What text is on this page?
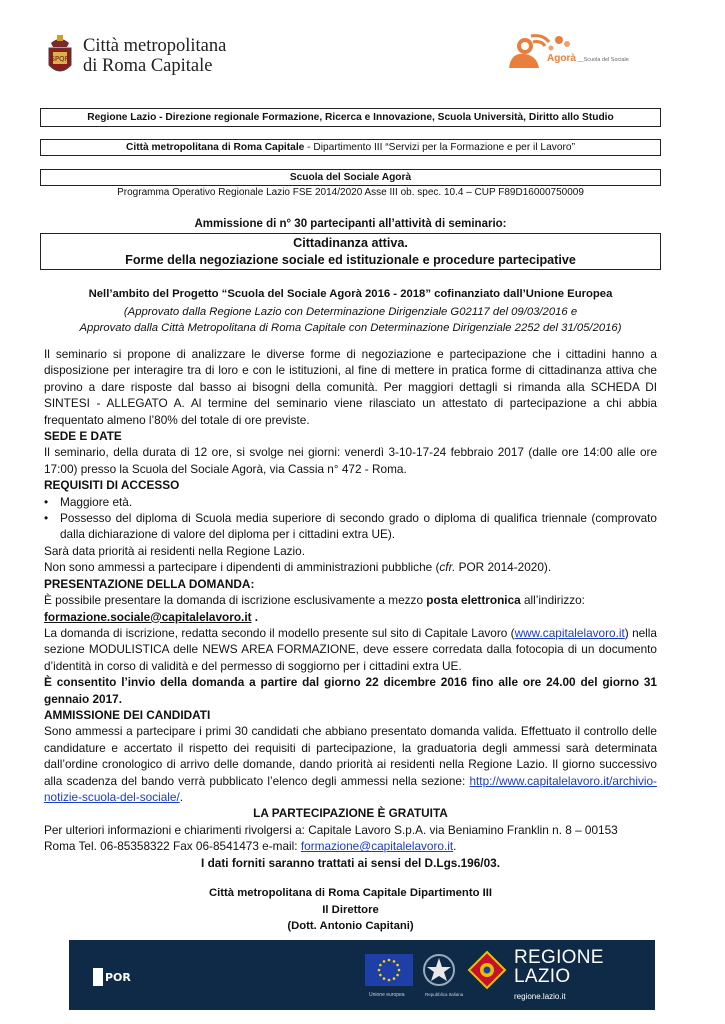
SPQR
Città metropolitana
di Roma Capitale	Agorà __Scuola del Sociale
Regione Lazio - Direzione regionale Formazione, Ricerca e Innovazione, Scuola Università, Diritto allo Studio
Città metropolitana di Roma Capitale - Dipartimento III “Servizi per la Formazione e per il Lavoro”
Scuola del Sociale Agorà
Programma Operativo Regionale Lazio FSE 2014/2020 Asse III ob. spec. 10.4 – CUP F89D16000750009
Ammissione di n° 30 partecipanti all’attività di seminario:
Cittadinanza attiva.
Forme della negoziazione sociale ed istituzionale e procedure partecipative
Nell’ambito del Progetto “Scuola del Sociale Agorà 2016 - 2018” cofinanziato dall’Unione Europea
(Approvato dalla Regione Lazio con Determinazione Dirigenziale G02117 del 09/03/2016 e
Approvato dalla Città Metropolitana di Roma Capitale con Determinazione Dirigenziale 2252 del 31/05/2016)

Il seminario si propone di analizzare le diverse forme di negoziazione e partecipazione che i cittadini hanno a disposizione per interagire tra di loro e con le istituzioni, al fine di mettere in pratica forme di cittadinanza attiva che provino a dare risposte dal basso ai bisogni della comunità. Per maggiori dettagli si rimanda alla SCHEDA DI SINTESI - ALLEGATO A. Al termine del seminario viene rilasciato un attestato di partecipazione a chi abbia frequentato almeno l’80% del totale di ore previste.

SEDE E DATE

Il seminario, della durata di 12 ore, si svolge nei giorni: venerdì 3-10-17-24 febbraio 2017 (dalle ore 14:00 alle ore 17:00) presso la Scuola del Sociale Agorà, via Cassia n° 472 - Roma.

REQUISITI DI ACCESSO
• Maggiore età.
• Possesso del diploma di Scuola media superiore di secondo grado o diploma di qualifica triennale (comprovato dalla dichiarazione di valore del diploma per i cittadini extra UE).
Sarà data priorità ai residenti nella Regione Lazio.
Non sono ammessi a partecipare i dipendenti di amministrazioni pubbliche (cfr. POR 2014-2020).
PRESENTAZIONE DELLA DOMANDA:

È possibile presentare la domanda di iscrizione esclusivamente a mezzo posta elettronica all’indirizzo:
formazione.sociale@capitalelavoro.it .

La domanda di iscrizione, redatta secondo il modello presente sul sito di Capitale Lavoro (www.capitalelavoro.it) nella sezione MODULISTICA delle NEWS AREA FORMAZIONE, deve essere corredata dalla fotocopia di un documento d’identità in corso di validità e del permesso di soggiorno per i cittadini extra UE.

È consentito l’invio della domanda a partire dal giorno 22 dicembre 2016 fino alle ore 24.00 del giorno 31 gennaio 2017.

AMMISSIONE DEI CANDIDATI

Sono ammessi a partecipare i primi 30 candidati che abbiano presentato domanda valida. Effettuato il controllo delle candidature e accertato il rispetto dei requisiti di partecipazione, la graduatoria degli ammessi sarà determinata dall’ordine cronologico di arrivo delle domande, dando priorità ai residenti nella Regione Lazio. Il giorno successivo alla scadenza del bando verrà pubblicato l’elenco degli ammessi nella sezione: http://www.capitalelavoro.it/archivio-notizie-scuola-del-sociale/.

LA PARTECIPAZIONE È GRATUITA

Per ulteriori informazioni e chiarimenti rivolgersi a: Capitale Lavoro S.p.A. via Beniamino Franklin n. 8 – 00153
Roma Tel. 06-85358322 Fax 06-8541473 e-mail: formazione@capitalelavoro.it.

I dati forniti saranno trattati ai sensi del D.Lgs.196/03.
Città metropolitana di Roma Capitale Dipartimento III
Il Direttore
(Dott. Antonio Capitani)
POR
Unione europea	Repubblica Italiana
REGIONE
LAZIO
regione.lazio.it
